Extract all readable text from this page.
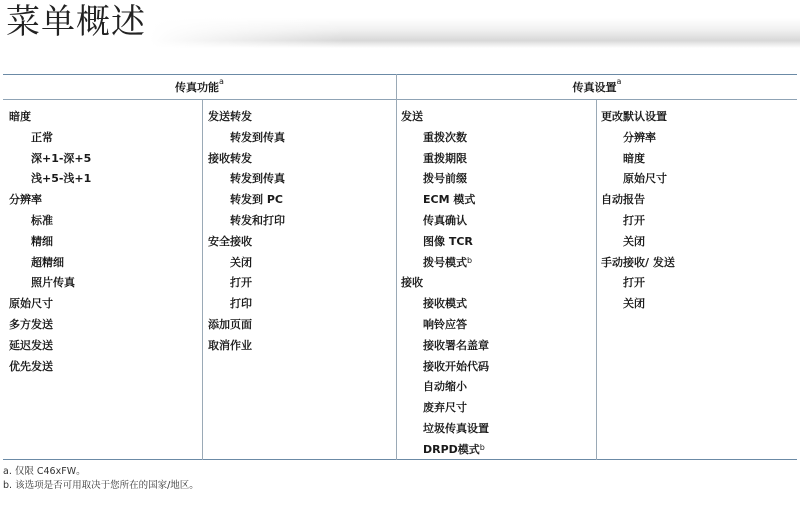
菜单概述
传真功能$^a$	传真设置$^a$
暗度
正常
深+1-深+5
浅+5-浅+1
分辨率
标准
精细
超精细
照片传真
原始尺寸
多方发送
延迟发送
优先发送
发送转发
转发到传真
接收转发
转发到传真
转发到 PC
转发和打印
安全接收
关闭
打开
打印
添加页面
取消作业
发送
重拨次数
重拨期限
拨号前缀
ECM 模式
传真确认
图像 TCR
拨号模式$^b$
接收
接收模式
响铃应答
接收署名盖章
接收开始代码
自动缩小
废弃尺寸
垃圾传真设置
DRPD模式$^b$
更改默认设置
分辨率
暗度
原始尺寸
自动报告
打开
关闭
手动接收/ 发送
打开
关闭
a. 仅限 C46xFW。
b. 该选项是否可用取决于您所在的国家/地区。
